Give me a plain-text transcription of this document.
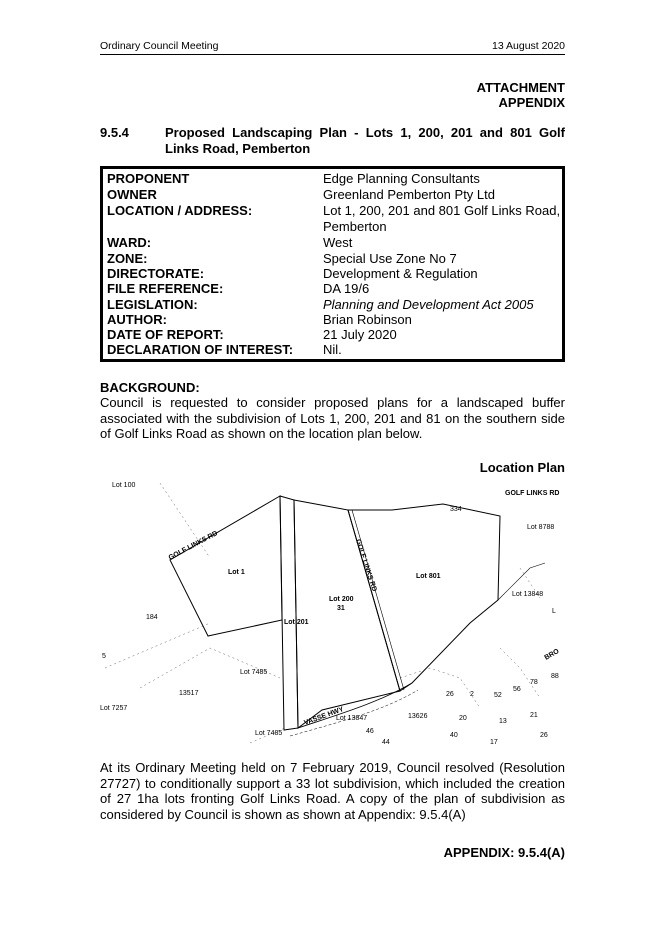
Ordinary Council Meeting	13 August 2020
ATTACHMENT
APPENDIX
9.5.4	Proposed Landscaping Plan - Lots 1, 200, 201 and 801 Golf Links Road, Pemberton
PROPONENT	Edge Planning Consultants
OWNER	Greenland Pemberton Pty Ltd
LOCATION / ADDRESS:	Lot 1, 200, 201 and 801 Golf Links Road,
Pemberton
WARD:	West
ZONE:	Special Use Zone No 7
DIRECTORATE:	Development & Regulation
FILE REFERENCE:	DA 19/6
LEGISLATION:	Planning and Development Act 2005
AUTHOR:	Brian Robinson
DATE OF REPORT:	21 July 2020
DECLARATION OF INTEREST: Nil.
BACKGROUND:
Council is requested to consider proposed plans for a landscaped buffer associated with the subdivision of Lots 1, 200, 201 and 81 on the southern side of Golf Links Road as shown on the location plan below.
Location Plan
Lot 100
GOLF LINKS RD
334
Lot 8788
GOLF LINKS RD
Lot 1
Lot 801
Lot 13848
L
Lot 200
31
GOLF LINKS RD
184
Lot 201
5	BRO
88
78
Lot 7485
13517	26 2	52
56
Lot 7257	VASSE HWY
Lot 13847	13626	20	13
21
Lot 7485	46
40	26
44	17
At its Ordinary Meeting held on 7 February 2019, Council resolved (Resolution 27727) to conditionally support a 33 lot subdivision, which included the creation of 27 1ha lots fronting Golf Links Road. A copy of the plan of subdivision as considered by Council is shown as shown at Appendix: 9.5.4(A)
APPENDIX: 9.5.4(A)
